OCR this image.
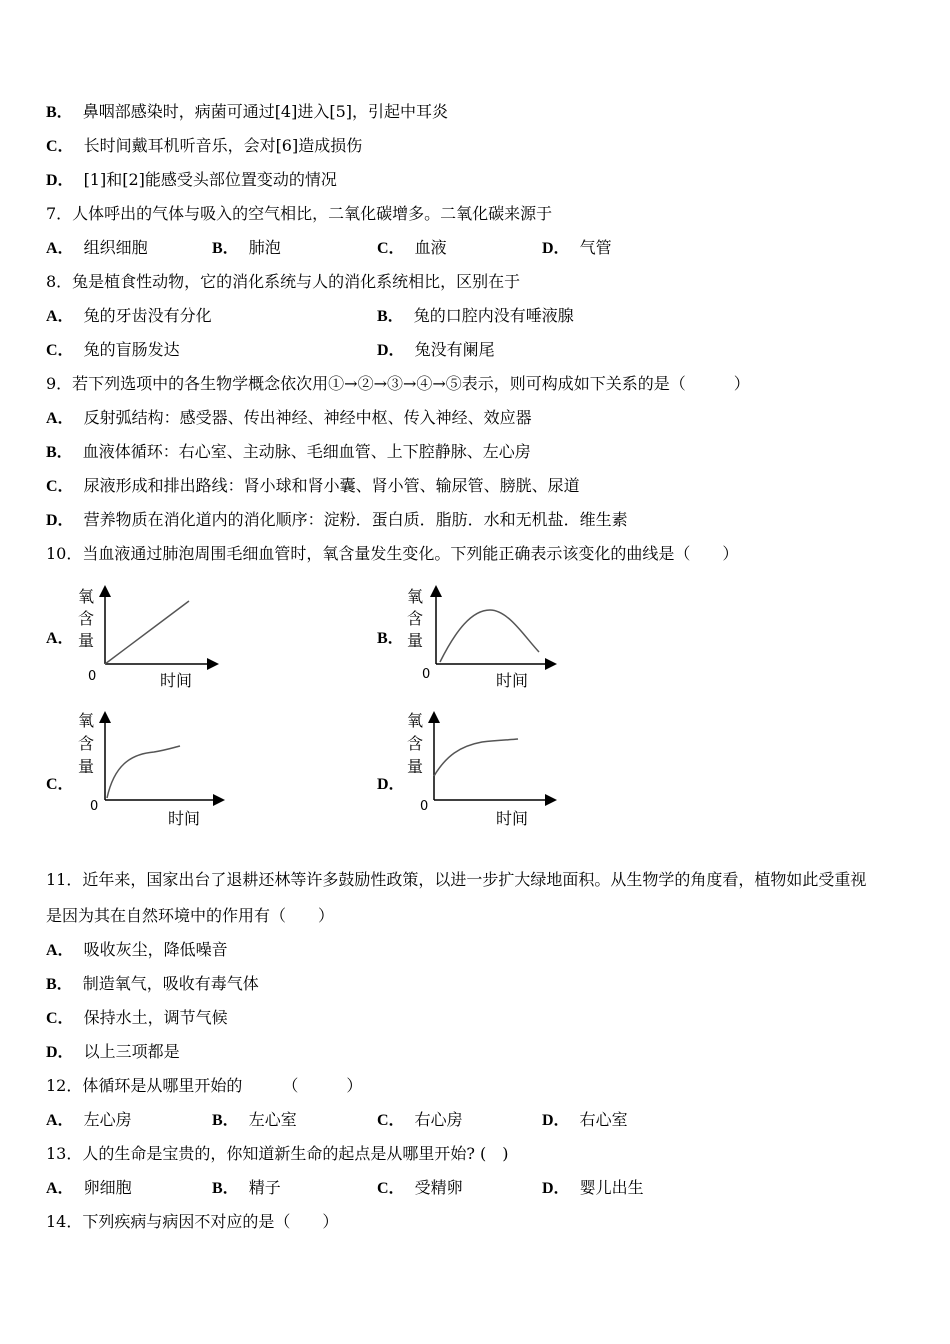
B． 鼻咽部感染时，病菌可通过[4]进入[5]，引起中耳炎
C． 长时间戴耳机听音乐，会对[6]造成损伤
D． [1]和[2]能感受头部位置变动的情况
7．人体呼出的气体与吸入的空气相比，二氧化碳增多。二氧化碳来源于
A． 组织细胞	B． 肺泡	C． 血液	D． 气管
8．兔是植食性动物，它的消化系统与人的消化系统相比，区别在于
A． 兔的牙齿没有分化	B． 兔的口腔内没有唾液腺
C． 兔的盲肠发达	D． 兔没有阑尾
9．若下列选项中的各生物学概念依次用①→②→③→④→⑤表示，则可构成如下关系的是（　　　）
A． 反射弧结构：感受器、传出神经、神经中枢、传入神经、效应器
B． 血液体循环：右心室、主动脉、毛细血管、上下腔静脉、左心房
C． 尿液形成和排出路线：肾小球和肾小囊、肾小管、输尿管、膀胱、尿道
D． 营养物质在消化道内的消化顺序：淀粉．蛋白质．脂肪．水和无机盐．维生素
10．当血液通过肺泡周围毛细血管时，氧含量发生变化。下列能正确表示该变化的曲线是（　　）
A．
氧
含
量
0	时间
B．
氧
含
量
0	时间
C．
氧
含
量
0
时间
D．
氧
含
量
0
时间
11．近年来，国家出台了退耕还林等许多鼓励性政策，以进一步扩大绿地面积。从生物学的角度看，植物如此受重视
是因为其在自然环境中的作用有（　　）
A． 吸收灰尘，降低噪音
B． 制造氧气，吸收有毒气体
C． 保持水土，调节气候
D． 以上三项都是
12．体循环是从哪里开始的　　　（　　　）
A． 左心房	B． 左心室	C． 右心房	D． 右心室
13．人的生命是宝贵的，你知道新生命的起点是从哪里开始? (　)
A． 卵细胞	B． 精子	C． 受精卵	D． 婴儿出生
14．下列疾病与病因不对应的是（　　）
